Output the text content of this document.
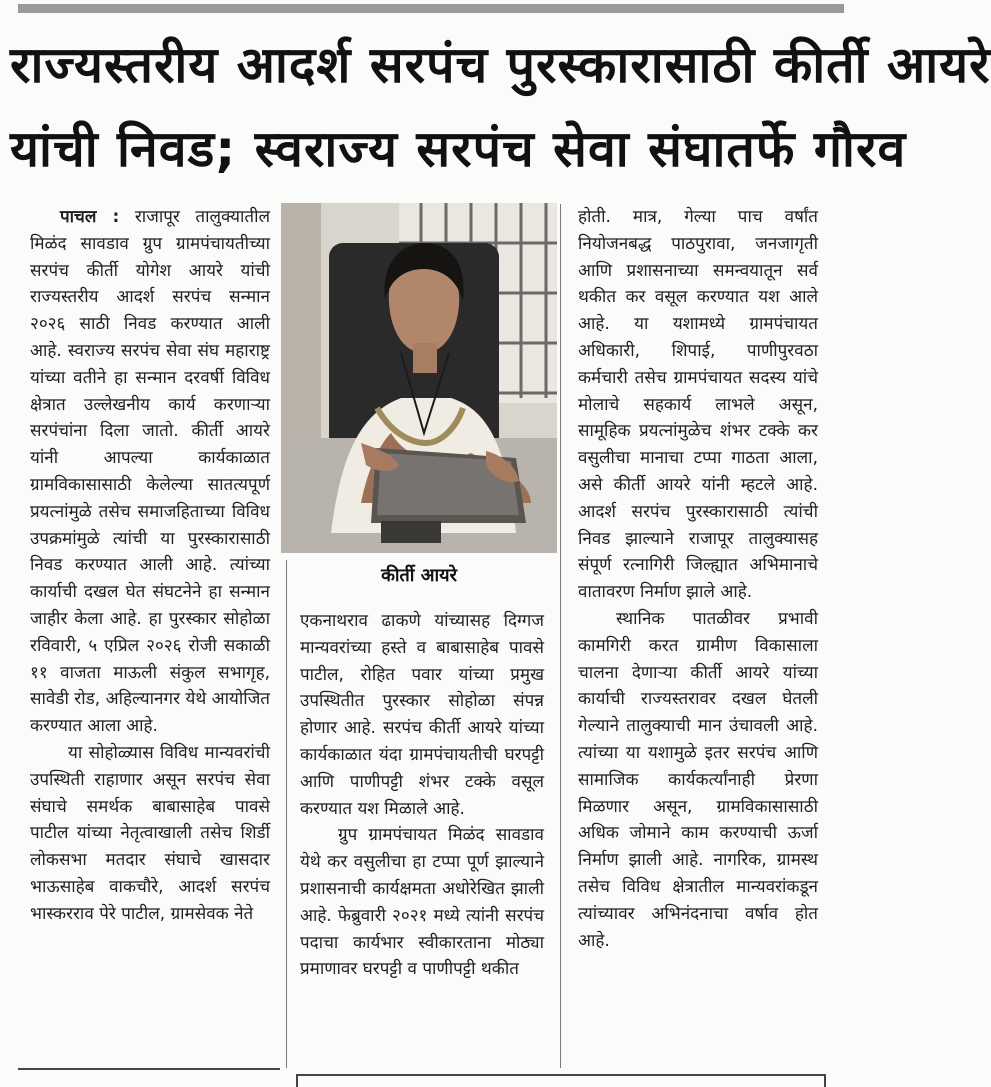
राज्यस्तरीय आदर्श सरपंच पुरस्कारासाठी कीर्ती आयरे
यांची निवड; स्वराज्य सरपंच सेवा संघातर्फे गौरव

पाचल : राजापूर तालुक्यातील मिळंद सावडाव ग्रुप ग्रामपंचायतीच्या सरपंच कीर्ती योगेश आयरे यांची राज्यस्तरीय आदर्श सरपंच सन्मान २०२६ साठी निवड करण्यात आली आहे. स्वराज्य सरपंच सेवा संघ महाराष्ट्र यांच्या वतीने हा सन्मान दरवर्षी विविध क्षेत्रात उल्लेखनीय कार्य करणाऱ्या सरपंचांना दिला जातो. कीर्ती आयरे यांनी आपल्या कार्यकाळात ग्रामविकासासाठी केलेल्या सातत्यपूर्ण प्रयत्नांमुळे तसेच समाजहिताच्या विविध उपक्रमांमुळे त्यांची या पुरस्कारासाठी निवड करण्यात आली आहे. त्यांच्या कार्याची दखल घेत संघटनेने हा सन्मान जाहीर केला आहे. हा पुरस्कार सोहोळा रविवारी, ५ एप्रिल २०२६ रोजी सकाळी ११ वाजता माऊली संकुल सभागृह, सावेडी रोड, अहिल्यानगर येथे आयोजित करण्यात आला आहे.

या सोहोळ्यास विविध मान्यवरांची उपस्थिती राहाणार असून सरपंच सेवा संघाचे समर्थक बाबासाहेब पावसे पाटील यांच्या नेतृत्वाखाली तसेच शिर्डी लोकसभा मतदार संघाचे खासदार भाऊसाहेब वाकचौरे, आदर्श सरपंच भास्करराव पेरे पाटील, ग्रामसेवक नेते

कीर्ती आयरे

एकनाथराव ढाकणे यांच्यासह दिग्गज मान्यवरांच्या हस्ते व बाबासाहेब पावसे पाटील, रोहित पवार यांच्या प्रमुख उपस्थितीत पुरस्कार सोहोळा संपन्न होणार आहे. सरपंच कीर्ती आयरे यांच्या कार्यकाळात यंदा ग्रामपंचायतीची घरपट्टी आणि पाणीपट्टी शंभर टक्के वसूल करण्यात यश मिळाले आहे.

ग्रुप ग्रामपंचायत मिळंद सावडाव येथे कर वसुलीचा हा टप्पा पूर्ण झाल्याने प्रशासनाची कार्यक्षमता अधोरेखित झाली आहे. फेब्रुवारी २०२१ मध्ये त्यांनी सरपंच पदाचा कार्यभार स्वीकारताना मोठ्या प्रमाणावर घरपट्टी व पाणीपट्टी थकीत

होती. मात्र, गेल्या पाच वर्षांत नियोजनबद्ध पाठपुरावा, जनजागृती आणि प्रशासनाच्या समन्वयातून सर्व थकीत कर वसूल करण्यात यश आले आहे. या यशामध्ये ग्रामपंचायत अधिकारी, शिपाई, पाणीपुरवठा कर्मचारी तसेच ग्रामपंचायत सदस्य यांचे मोलाचे सहकार्य लाभले असून, सामूहिक प्रयत्नांमुळेच शंभर टक्के कर वसुलीचा मानाचा टप्पा गाठता आला, असे कीर्ती आयरे यांनी म्हटले आहे. आदर्श सरपंच पुरस्कारासाठी त्यांची निवड झाल्याने राजापूर तालुक्यासह संपूर्ण रत्नागिरी जिल्ह्यात अभिमानाचे वातावरण निर्माण झाले आहे.

स्थानिक पातळीवर प्रभावी कामगिरी करत ग्रामीण विकासाला चालना देणाऱ्या कीर्ती आयरे यांच्या कार्याची राज्यस्तरावर दखल घेतली गेल्याने तालुक्याची मान उंचावली आहे. त्यांच्या या यशामुळे इतर सरपंच आणि सामाजिक कार्यकर्त्यांनाही प्रेरणा मिळणार असून, ग्रामविकासासाठी अधिक जोमाने काम करण्याची ऊर्जा निर्माण झाली आहे. नागरिक, ग्रामस्थ तसेच विविध क्षेत्रातील मान्यवरांकडून त्यांच्यावर अभिनंदनाचा वर्षाव होत आहे.
